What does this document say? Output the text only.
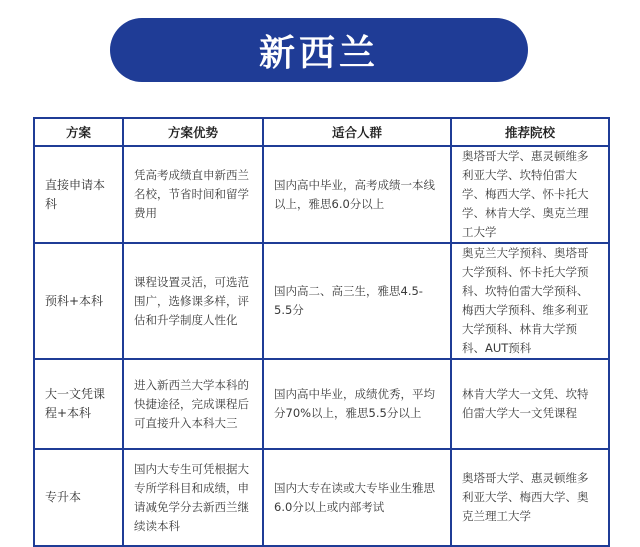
新西兰
方案	方案优势	适合人群	推荐院校
直接申请本科	凭高考成绩直申新西兰名校，节省时间和留学费用	国内高中毕业，高考成绩一本线以上，雅思6.0分以上	奥塔哥大学、惠灵顿维多利亚大学、坎特伯雷大学、梅西大学、怀卡托大学、林肯大学、奥克兰理工大学
预科+本科	课程设置灵活，可选范围广，选修课多样，评估和升学制度人性化	国内高二、高三生，雅思4.5-5.5分	奥克兰大学预科、奥塔哥大学预科、怀卡托大学预科、坎特伯雷大学预科、梅西大学预科、维多利亚大学预科、林肯大学预科、AUT预科
大一文凭课程+本科	进入新西兰大学本科的快捷途径，完成课程后可直接升入本科大三	国内高中毕业，成绩优秀，平均分70%以上，雅思5.5分以上	林肯大学大一文凭、坎特伯雷大学大一文凭课程
专升本	国内大专生可凭根据大专所学科目和成绩，申请减免学分去新西兰继续读本科	国内大专在读或大专毕业生雅思6.0分以上或内部考试	奥塔哥大学、惠灵顿维多利亚大学、梅西大学、奥克兰理工大学
